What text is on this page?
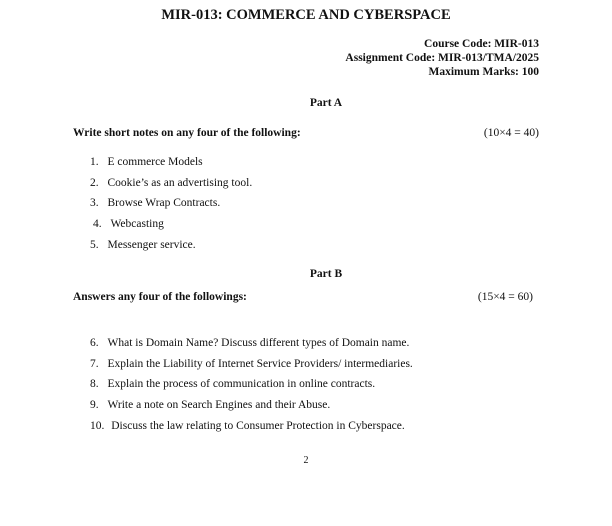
MIR-013: COMMERCE AND CYBERSPACE
Course Code: MIR-013
Assignment Code: MIR-013/TMA/2025
Maximum Marks: 100
Part A
Write short notes on any four of the following:	(10×4 = 40)
1. E commerce Models
2. Cookie’s as an advertising tool.
3. Browse Wrap Contracts.
4. Webcasting
5. Messenger service.
Part B
Answers any four of the followings:	(15×4 = 60)
6. What is Domain Name? Discuss different types of Domain name.
7. Explain the Liability of Internet Service Providers/ intermediaries.
8. Explain the process of communication in online contracts.
9. Write a note on Search Engines and their Abuse.
10. Discuss the law relating to Consumer Protection in Cyberspace.
2
